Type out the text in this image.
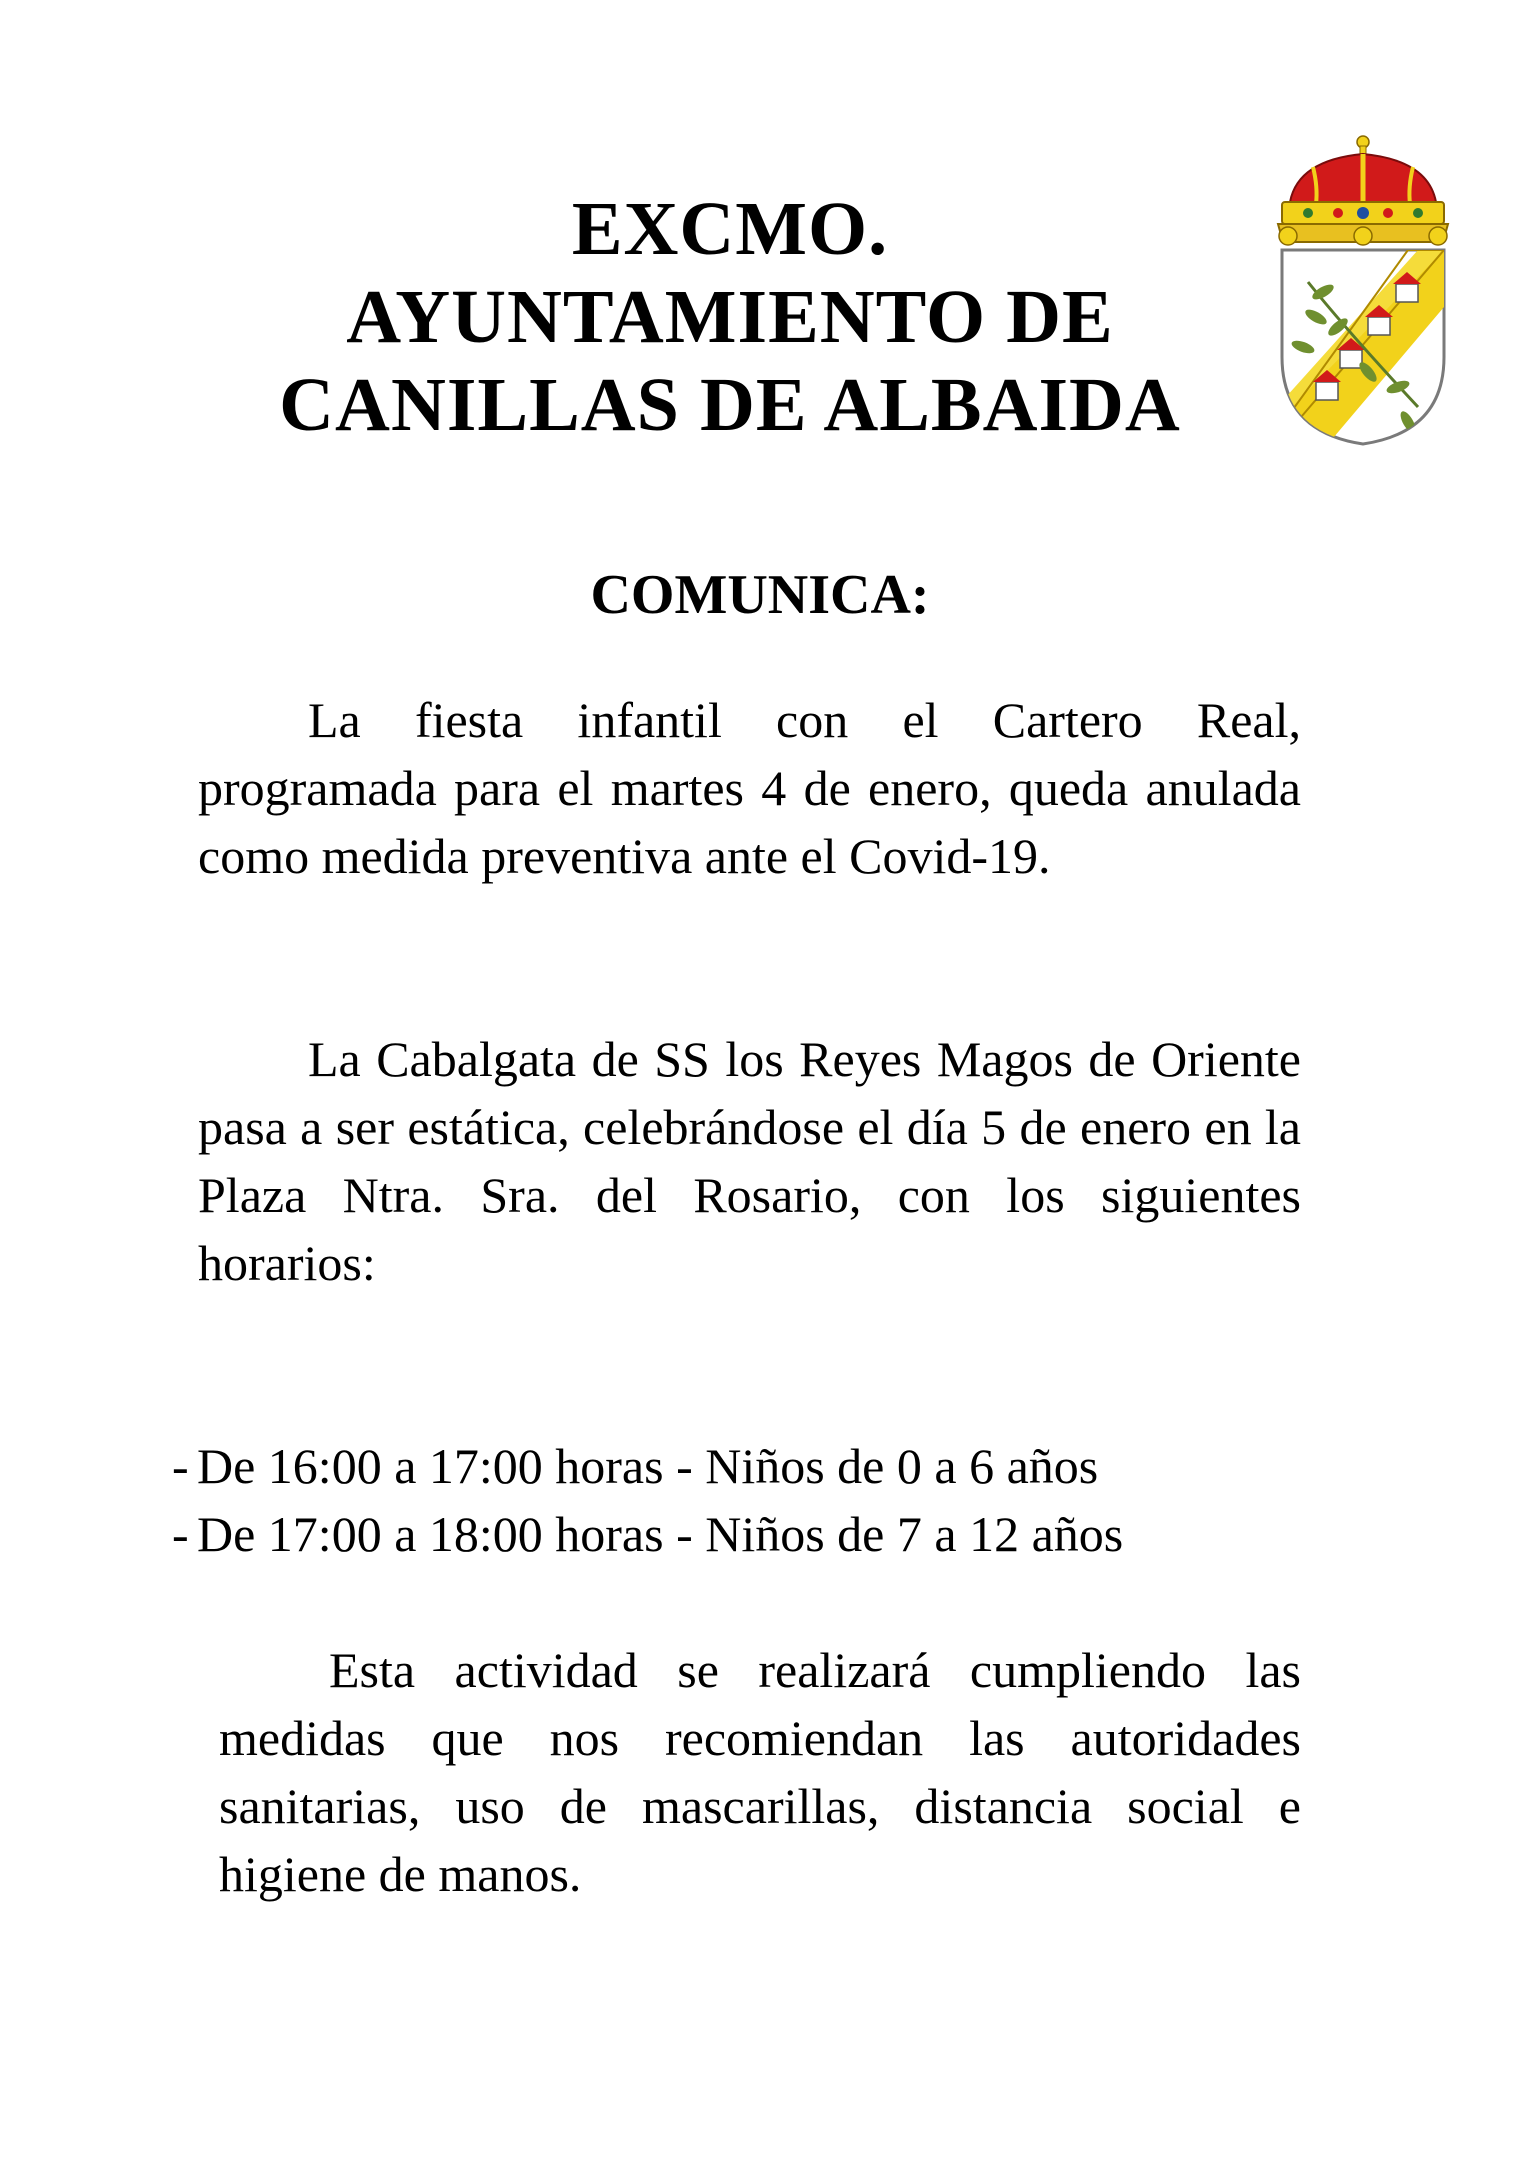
EXCMO.
AYUNTAMIENTO DE
CANILLAS DE ALBAIDA
COMUNICA:
La fiesta infantil con el Cartero Real, programada para el martes 4 de enero, queda anulada como medida preventiva ante el Covid-19.
La Cabalgata de SS los Reyes Magos de Oriente pasa a ser estática, celebrándose el día 5 de enero en la Plaza Ntra. Sra. del Rosario, con los siguientes horarios:
- De 16:00 a 17:00 horas - Niños de 0 a 6 años
- De 17:00 a 18:00 horas - Niños de 7 a 12 años
Esta actividad se realizará cumpliendo las medidas que nos recomiendan las autoridades sanitarias, uso de mascarillas, distancia social e higiene de manos.
